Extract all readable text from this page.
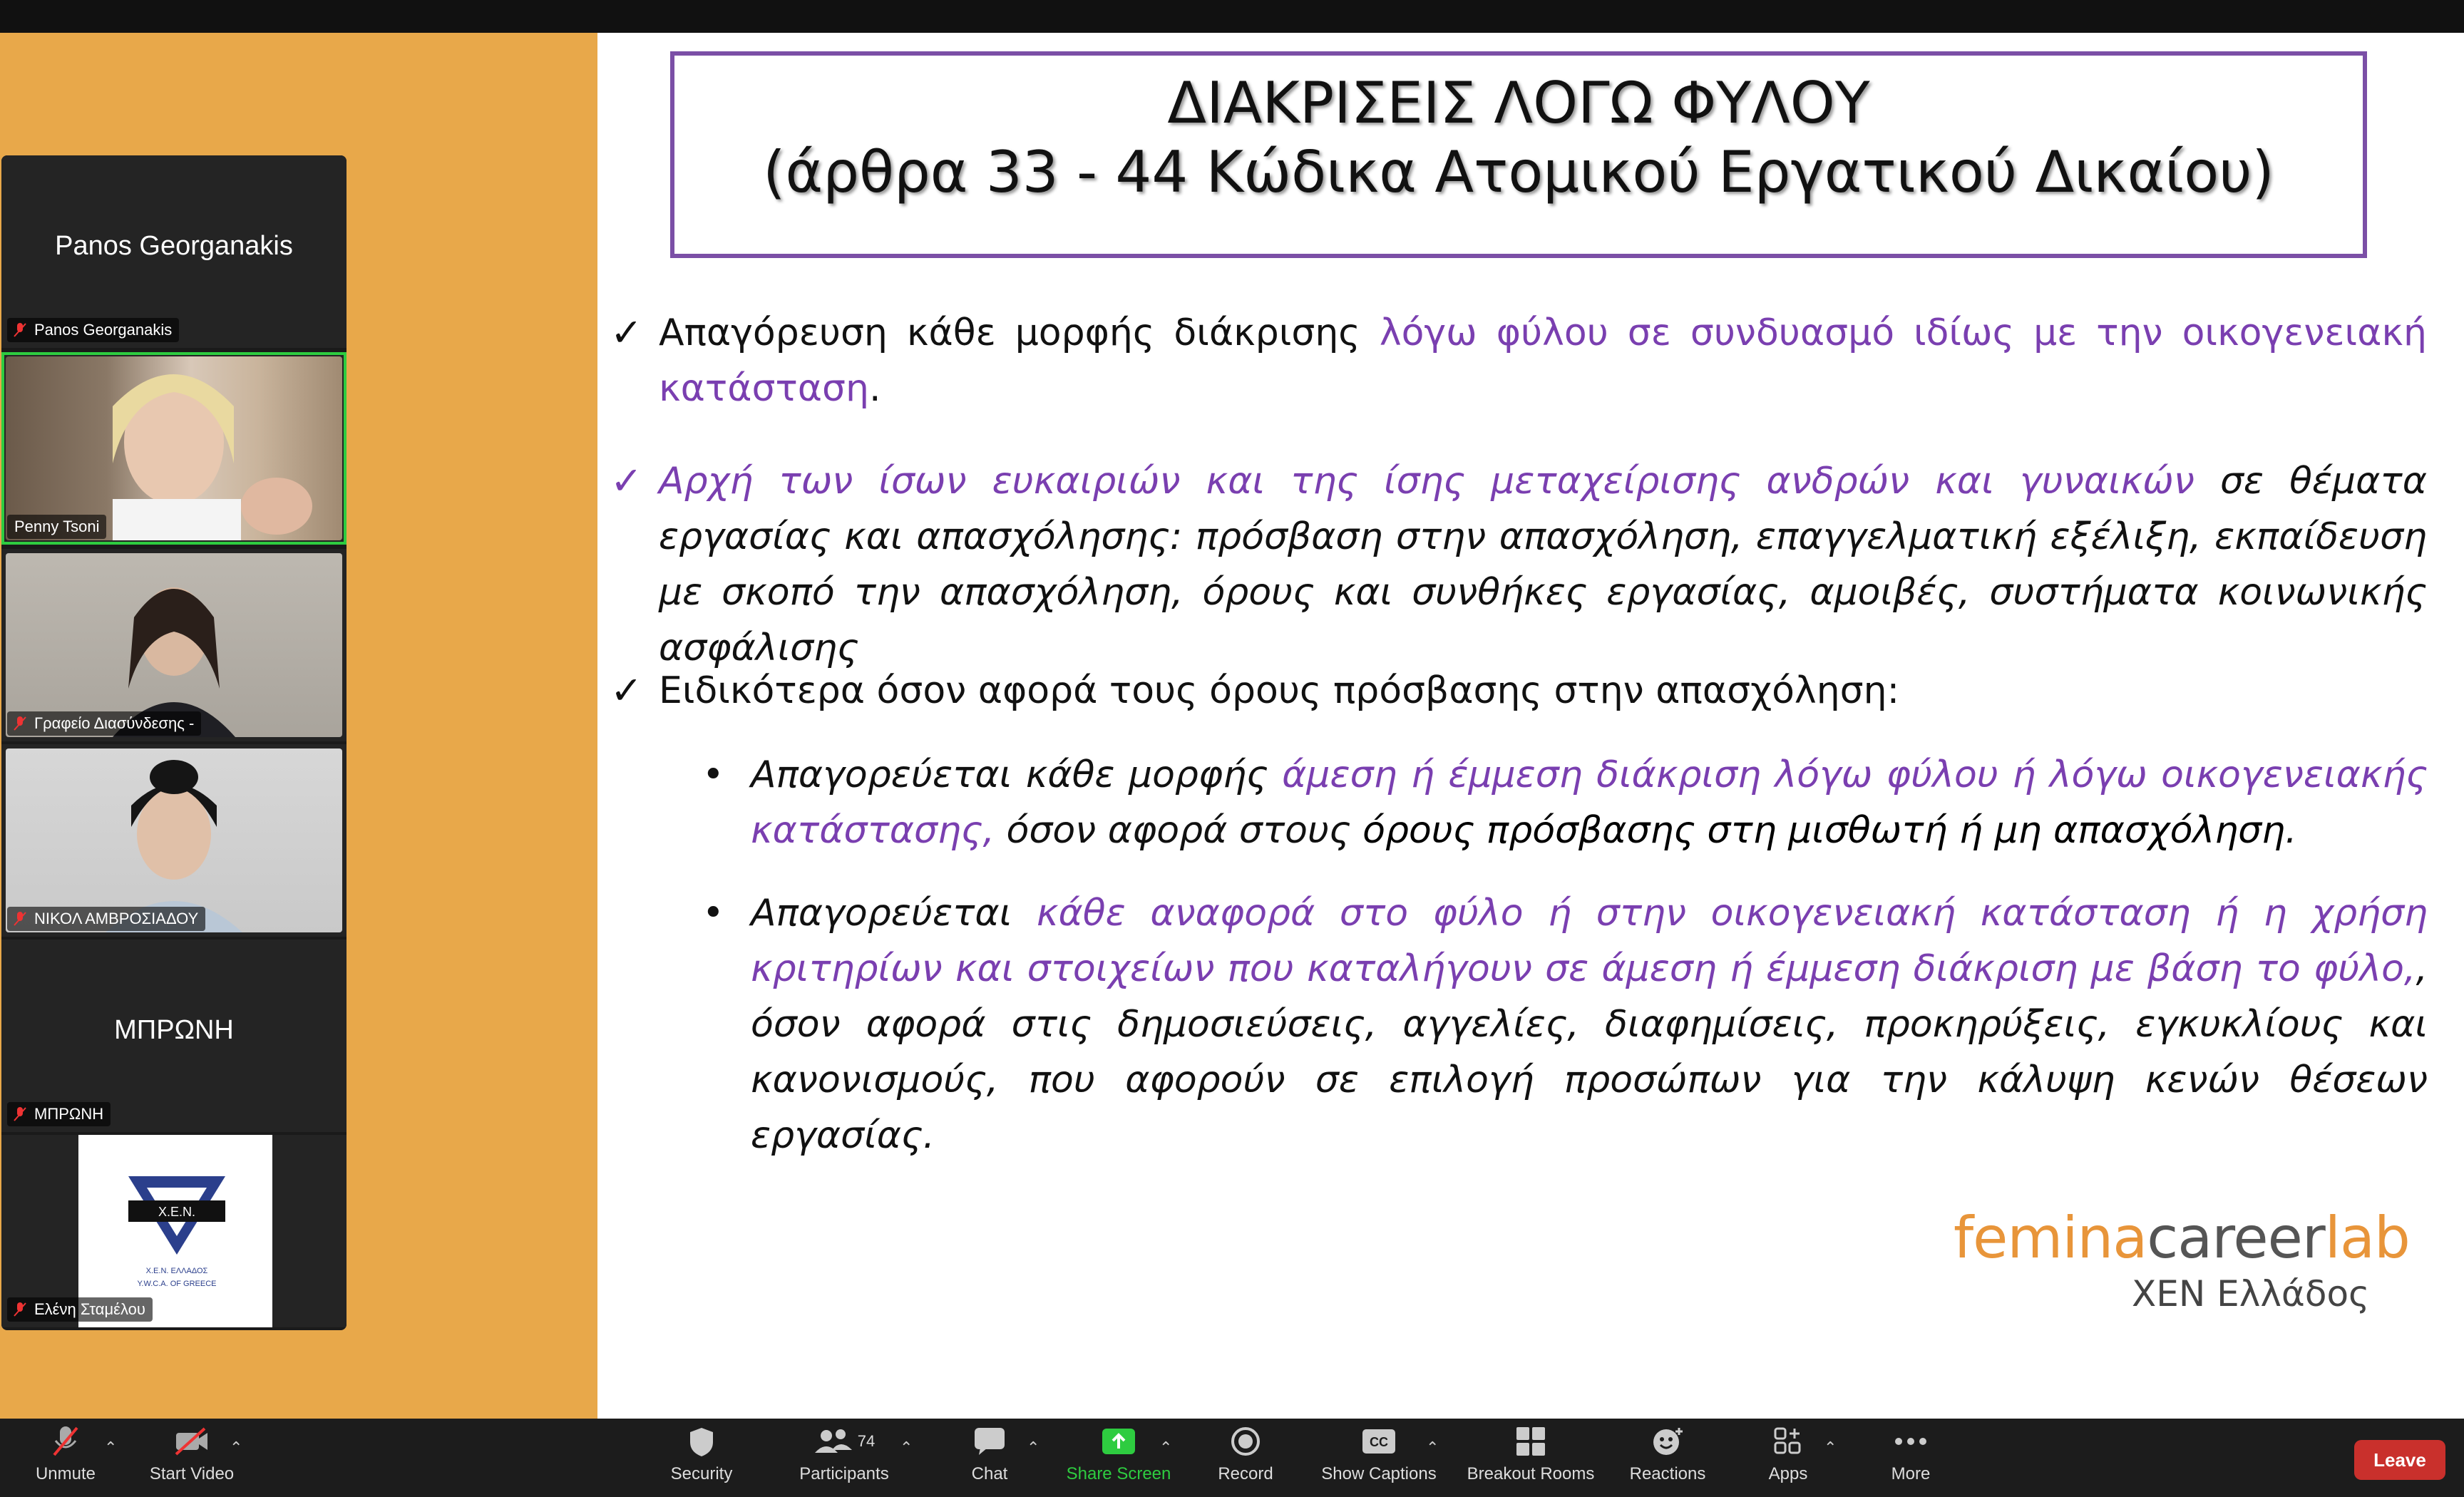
Panos Georganakis
Panos Georganakis
Penny Tsoni
Γραφείο Διασύνδεσης -
ΝΙΚΟΛ ΑΜΒΡΟΣΙΑΔΟΥ
ΜΠΡΩΝΗ
ΜΠΡΩΝΗ
Χ.Ε.Ν.
Χ.Ε.Ν. ΕΛΛΑΔΟΣ
Y.W.C.A. OF GREECE
Ελένη Σταμέλου
ΔΙΑΚΡΙΣΕΙΣ ΛΟΓΩ ΦΥΛΟΥ
(άρθρα 33 - 44 Κώδικα Ατομικού Εργατικού Δικαίου)
✓ Απαγόρευση κάθε μορφής διάκρισης λόγω φύλου σε συνδυασμό ιδίως με την οικογενειακή κατάσταση.
✓ Αρχή των ίσων ευκαιριών και της ίσης μεταχείρισης ανδρών και γυναικών σε θέματα εργασίας και απασχόλησης: πρόσβαση στην απασχόληση, επαγγελματική εξέλιξη, εκπαίδευση με σκοπό την απασχόληση, όρους και συνθήκες εργασίας, αμοιβές, συστήματα κοινωνικής ασφάλισης
✓ Ειδικότερα όσον αφορά τους όρους πρόσβασης στην απασχόληση:
• Απαγορεύεται κάθε μορφής άμεση ή έμμεση διάκριση λόγω φύλου ή λόγω οικογενειακής κατάστασης, όσον αφορά στους όρους πρόσβασης στη μισθωτή ή μη απασχόληση.
• Απαγορεύεται κάθε αναφορά στο φύλο ή στην οικογενειακή κατάσταση ή η χρήση κριτηρίων και στοιχείων που καταλήγουν σε άμεση ή έμμεση διάκριση με βάση το φύλο,, όσον αφορά στις δημοσιεύσεις, αγγελίες, διαφημίσεις, προκηρύξεις, εγκυκλίους και κανονισμούς, που αφορούν σε επιλογή προσώπων για την κάλυψη κενών θέσεων εργασίας.
feminacareerlab
ΧΕΝ Ελλάδος
Unmute
⌃
Start Video
⌃
Security
74
Participants
⌃
Chat
⌃
Share Screen
⌃
Record
CC
Show Captions
⌃
Breakout Rooms	Reactions	Apps
⌃
More
Leave
